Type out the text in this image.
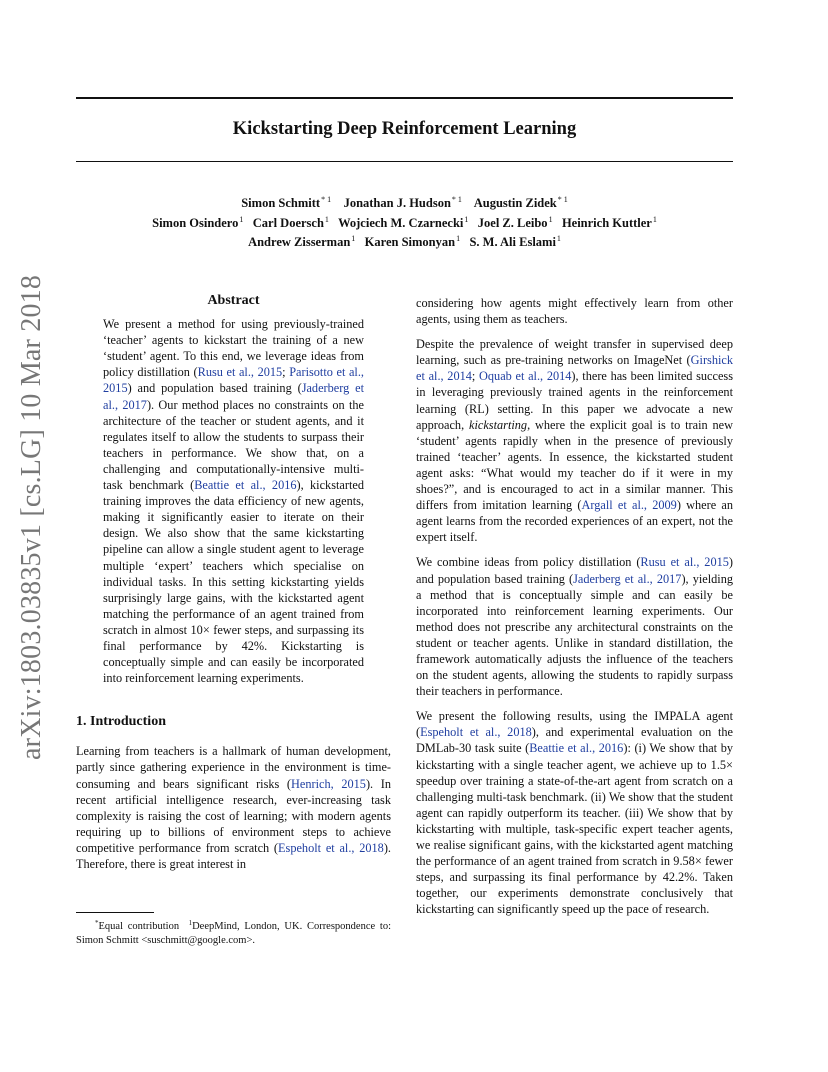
arXiv:1803.03835v1 [cs.LG] 10 Mar 2018
Kickstarting Deep Reinforcement Learning
Simon Schmitt$^{* 1}$ Jonathan J. Hudson$^{* 1}$ Augustin Zidek$^{* 1}$
Simon Osindero$^1$ Carl Doersch$^1$ Wojciech M. Czarnecki$^1$ Joel Z. Leibo$^1$ Heinrich Kuttler$^1$
Andrew Zisserman$^1$ Karen Simonyan$^1$ S. M. Ali Eslami$^1$
Abstract

We present a method for using previously-trained ‘teacher’ agents to kickstart the training of a new ‘student’ agent. To this end, we leverage ideas from policy distillation (Rusu et al., 2015; Parisotto et al., 2015) and population based training (Jaderberg et al., 2017). Our method places no constraints on the architecture of the teacher or student agents, and it regulates itself to allow the students to surpass their teachers in performance. We show that, on a challenging and computationally-intensive multi-task benchmark (Beattie et al., 2016), kickstarted training improves the data efficiency of new agents, making it significantly easier to iterate on their design. We also show that the same kickstarting pipeline can allow a single student agent to leverage multiple ‘expert’ teachers which specialise on individual tasks. In this setting kickstarting yields surprisingly large gains, with the kickstarted agent matching the performance of an agent trained from scratch in almost 10× fewer steps, and surpassing its final performance by 42%. Kickstarting is conceptually simple and can easily be incorporated into reinforcement learning experiments.

1. Introduction

Learning from teachers is a hallmark of human development, partly since gathering experience in the environment is time-consuming and bears significant risks (Henrich, 2015). In recent artificial intelligence research, ever-increasing task complexity is raising the cost of learning; with modern agents requiring up to billions of environment steps to achieve competitive performance from scratch (Espeholt et al., 2018). Therefore, there is great interest in

*Equal contribution  $^1$DeepMind, London, UK. Correspondence to: Simon Schmitt <suschmitt@google.com>.

considering how agents might effectively learn from other agents, using them as teachers.

Despite the prevalence of weight transfer in supervised deep learning, such as pre-training networks on ImageNet (Girshick et al., 2014; Oquab et al., 2014), there has been limited success in leveraging previously trained agents in the reinforcement learning (RL) setting. In this paper we advocate a new approach, kickstarting, where the explicit goal is to train new ‘student’ agents rapidly when in the presence of previously trained ‘teacher’ agents. In essence, the kickstarted student agent asks: “What would my teacher do if it were in my shoes?”, and is encouraged to act in a similar manner. This differs from imitation learning (Argall et al., 2009) where an agent learns from the recorded experiences of an expert, not the expert itself.

We combine ideas from policy distillation (Rusu et al., 2015) and population based training (Jaderberg et al., 2017), yielding a method that is conceptually simple and can easily be incorporated into reinforcement learning experiments. Our method does not prescribe any architectural constraints on the student or teacher agents. Unlike in standard distillation, the framework automatically adjusts the influence of the teachers on the student agents, allowing the students to rapidly surpass their teachers in performance.

We present the following results, using the IMPALA agent (Espeholt et al., 2018), and experimental evaluation on the DMLab-30 task suite (Beattie et al., 2016): (i) We show that by kickstarting with a single teacher agent, we achieve up to 1.5× speedup over training a state-of-the-art agent from scratch on a challenging multi-task benchmark. (ii) We show that the student agent can rapidly outperform its teacher. (iii) We show that by kickstarting with multiple, task-specific expert teacher agents, we realise significant gains, with the kickstarted agent matching the performance of an agent trained from scratch in 9.58× fewer steps, and surpassing its final performance by 42.2%. Taken together, our experiments demonstrate conclusively that kickstarting can significantly speed up the pace of research.
